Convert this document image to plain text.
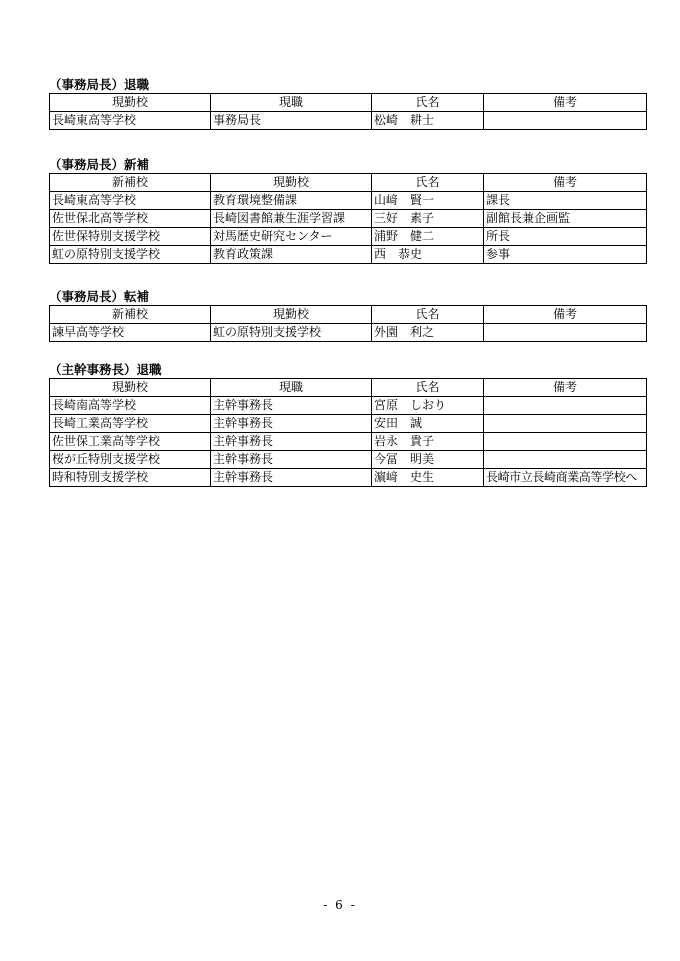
（事務局長）退職
現勤校	現職	氏名	備考
長崎東高等学校	事務局長	松崎　耕士	
（事務局長）新補
新補校	現勤校	氏名	備考
長崎東高等学校	教育環境整備課	山﨑　賢一	課長
佐世保北高等学校	長崎図書館兼生涯学習課	三好　素子	副館長兼企画監
佐世保特別支援学校	対馬歴史研究センター	浦野　健二	所長
虹の原特別支援学校	教育政策課	西　恭史	参事
（事務局長）転補
新補校	現勤校	氏名	備考
諫早高等学校	虹の原特別支援学校	外園　利之	
（主幹事務長）退職
現勤校	現職	氏名	備考
長崎南高等学校	主幹事務長	宮原　しおり	
長崎工業高等学校	主幹事務長	安田　誠	
佐世保工業高等学校	主幹事務長	岩永　貴子	
桜が丘特別支援学校	主幹事務長	今冨　明美	
時和特別支援学校	主幹事務長	濵﨑　史生	長崎市立長崎商業高等学校へ
- 6 -
